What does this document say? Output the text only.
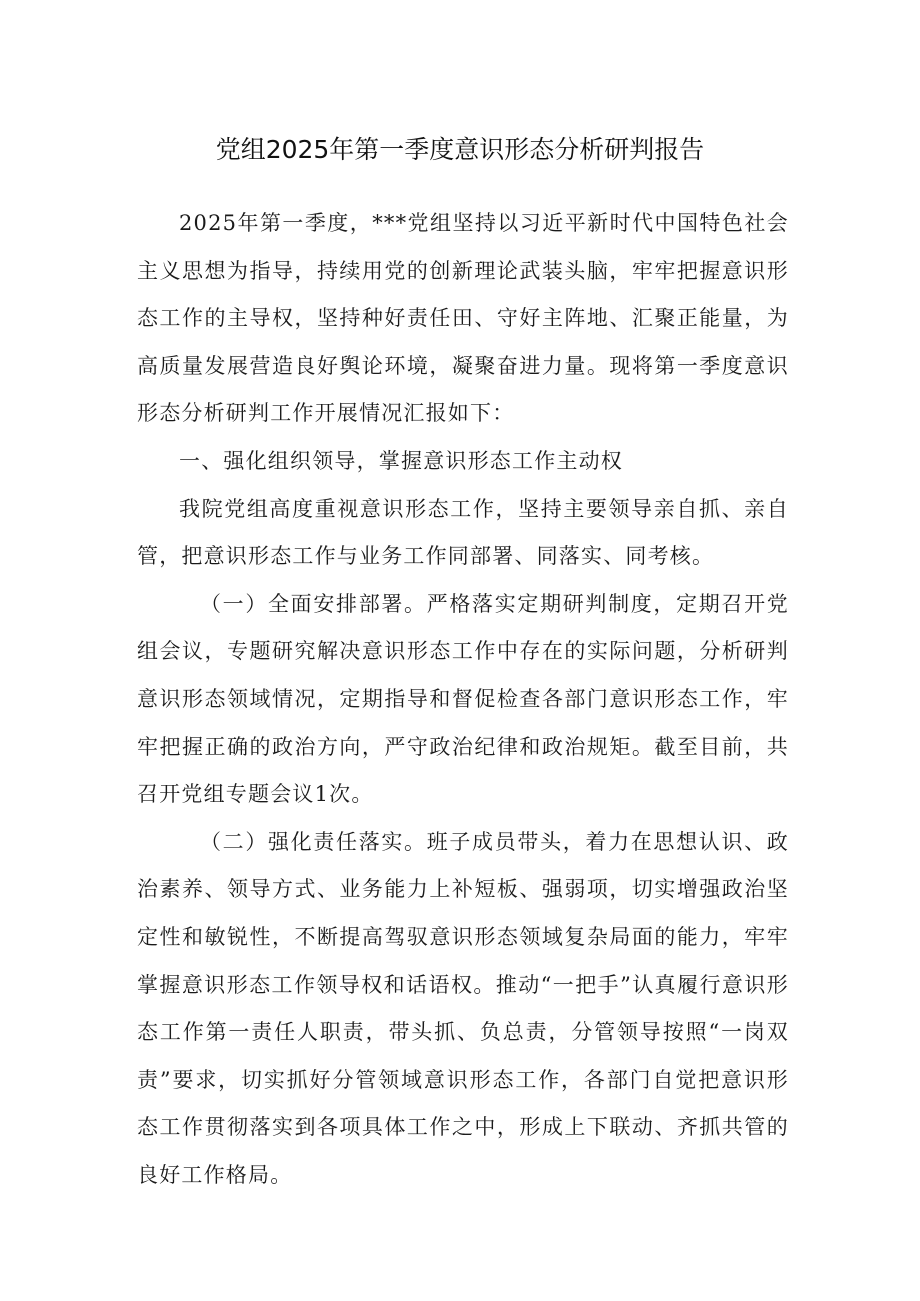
党组2025年第一季度意识形态分析研判报告

2025年第一季度，***党组坚持以习近平新时代中国特色社会主义思想为指导，持续用党的创新理论武装头脑，牢牢把握意识形态工作的主导权，坚持种好责任田、守好主阵地、汇聚正能量，为高质量发展营造良好舆论环境，凝聚奋进力量。现将第一季度意识形态分析研判工作开展情况汇报如下：

一、强化组织领导，掌握意识形态工作主动权

我院党组高度重视意识形态工作，坚持主要领导亲自抓、亲自管，把意识形态工作与业务工作同部署、同落实、同考核。

（一）全面安排部署。严格落实定期研判制度，定期召开党组会议，专题研究解决意识形态工作中存在的实际问题，分析研判意识形态领域情况，定期指导和督促检查各部门意识形态工作，牢牢把握正确的政治方向，严守政治纪律和政治规矩。截至目前，共召开党组专题会议1次。

（二）强化责任落实。班子成员带头，着力在思想认识、政治素养、领导方式、业务能力上补短板、强弱项，切实增强政治坚定性和敏锐性，不断提高驾驭意识形态领域复杂局面的能力，牢牢掌握意识形态工作领导权和话语权。推动“一把手”认真履行意识形态工作第一责任人职责，带头抓、负总责，分管领导按照“一岗双责”要求，切实抓好分管领域意识形态工作，各部门自觉把意识形态工作贯彻落实到各项具体工作之中，形成上下联动、齐抓共管的良好工作格局。
